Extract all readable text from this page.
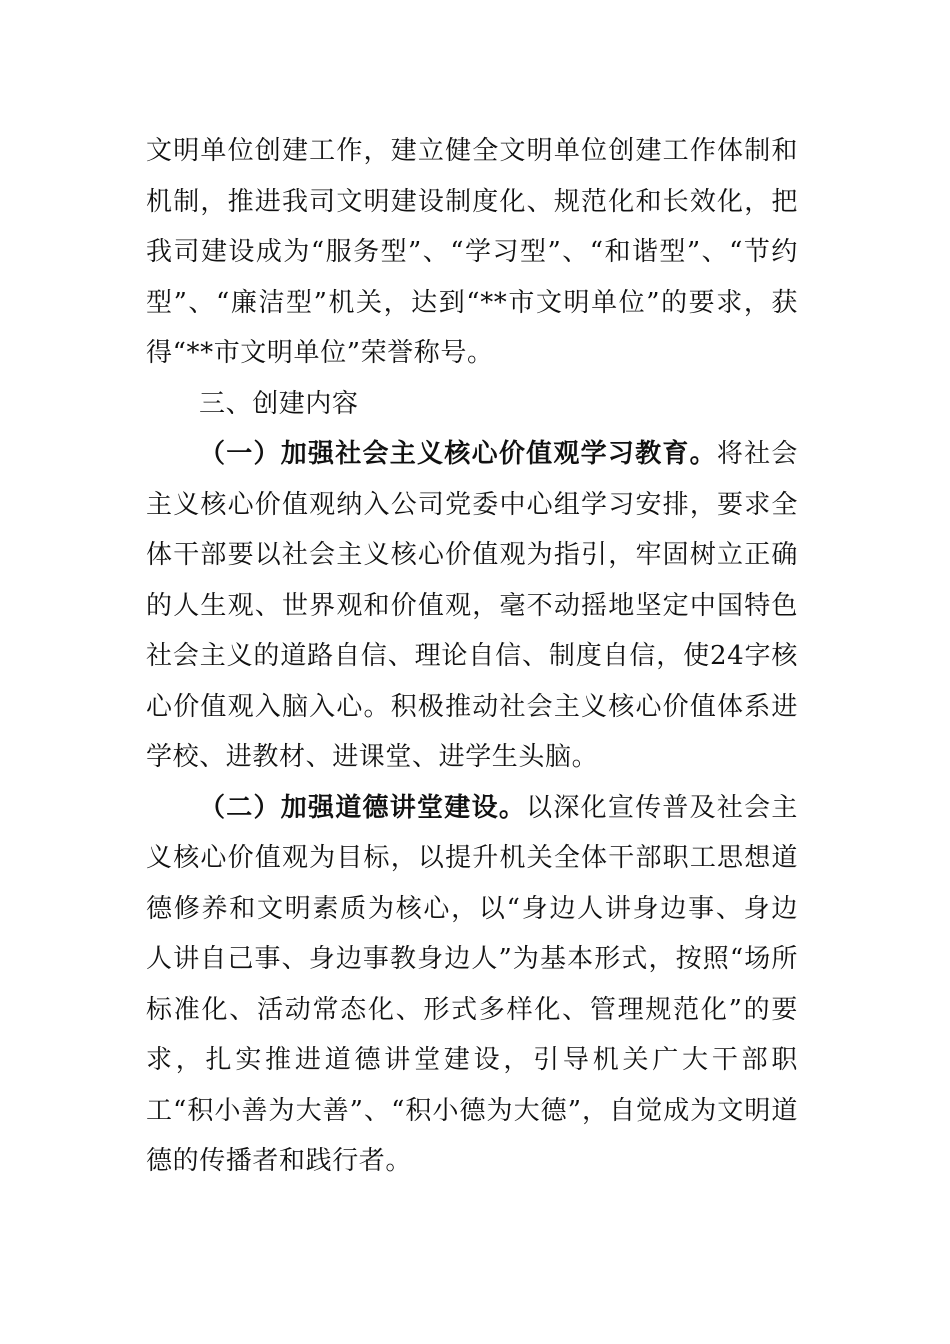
文明单位创建工作，建立健全文明单位创建工作体制和机制，推进我司文明建设制度化、规范化和长效化，把我司建设成为“服务型”、“学习型”、“和谐型”、“节约型”、“廉洁型”机关，达到“**市文明单位”的要求，获得“**市文明单位”荣誉称号。

三、创建内容

（一）加强社会主义核心价值观学习教育。将社会主义核心价值观纳入公司党委中心组学习安排，要求全体干部要以社会主义核心价值观为指引，牢固树立正确的人生观、世界观和价值观，毫不动摇地坚定中国特色社会主义的道路自信、理论自信、制度自信，使24字核心价值观入脑入心。积极推动社会主义核心价值体系进学校、进教材、进课堂、进学生头脑。

（二）加强道德讲堂建设。以深化宣传普及社会主义核心价值观为目标，以提升机关全体干部职工思想道德修养和文明素质为核心，以“身边人讲身边事、身边人讲自己事、身边事教身边人”为基本形式，按照“场所标准化、活动常态化、形式多样化、管理规范化”的要求，扎实推进道德讲堂建设，引导机关广大干部职工“积小善为大善”、“积小德为大德”，自觉成为文明道德的传播者和践行者。
